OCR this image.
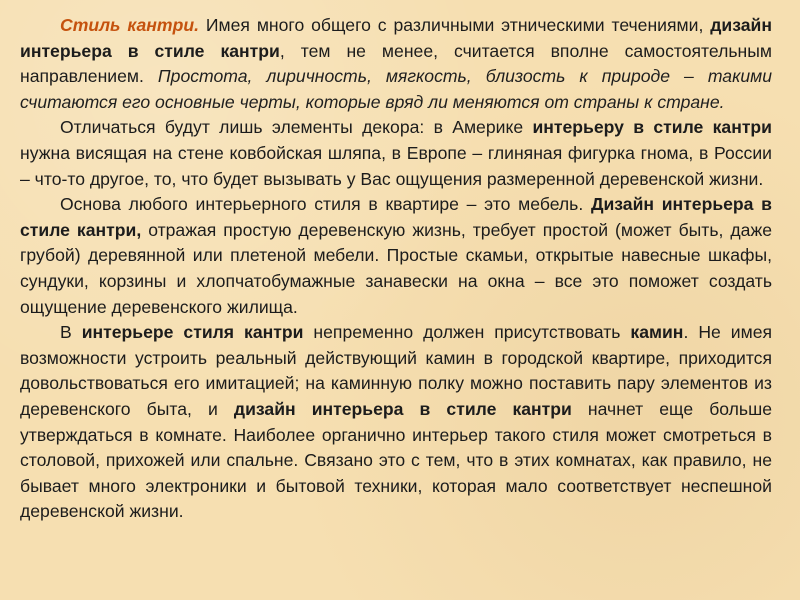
Стиль кантри. Имея много общего с различными этническими течениями, дизайн интерьера в стиле кантри, тем не менее, считается вполне самостоятельным направлением. Простота, лиричность, мягкость, близость к природе – такими считаются его основные черты, которые вряд ли меняются от страны к стране.

Отличаться будут лишь элементы декора: в Америке интерьеру в стиле кантри нужна висящая на стене ковбойская шляпа, в Европе – глиняная фигурка гнома, в России – что-то другое, то, что будет вызывать у Вас ощущения размеренной деревенской жизни.

Основа любого интерьерного стиля в квартире – это мебель. Дизайн интерьера в стиле кантри, отражая простую деревенскую жизнь, требует простой (может быть, даже грубой) деревянной или плетеной мебели. Простые скамьи, открытые навесные шкафы, сундуки, корзины и хлопчатобумажные занавески на окна – все это поможет создать ощущение деревенского жилища.

В интерьере стиля кантри непременно должен присутствовать камин. Не имея возможности устроить реальный действующий камин в городской квартире, приходится довольствоваться его имитацией; на каминную полку можно поставить пару элементов из деревенского быта, и дизайн интерьера в стиле кантри начнет еще больше утверждаться в комнате. Наиболее органично интерьер такого стиля может смотреться в столовой, прихожей или спальне. Связано это с тем, что в этих комнатах, как правило, не бывает много электроники и бытовой техники, которая мало соответствует неспешной деревенской жизни.
